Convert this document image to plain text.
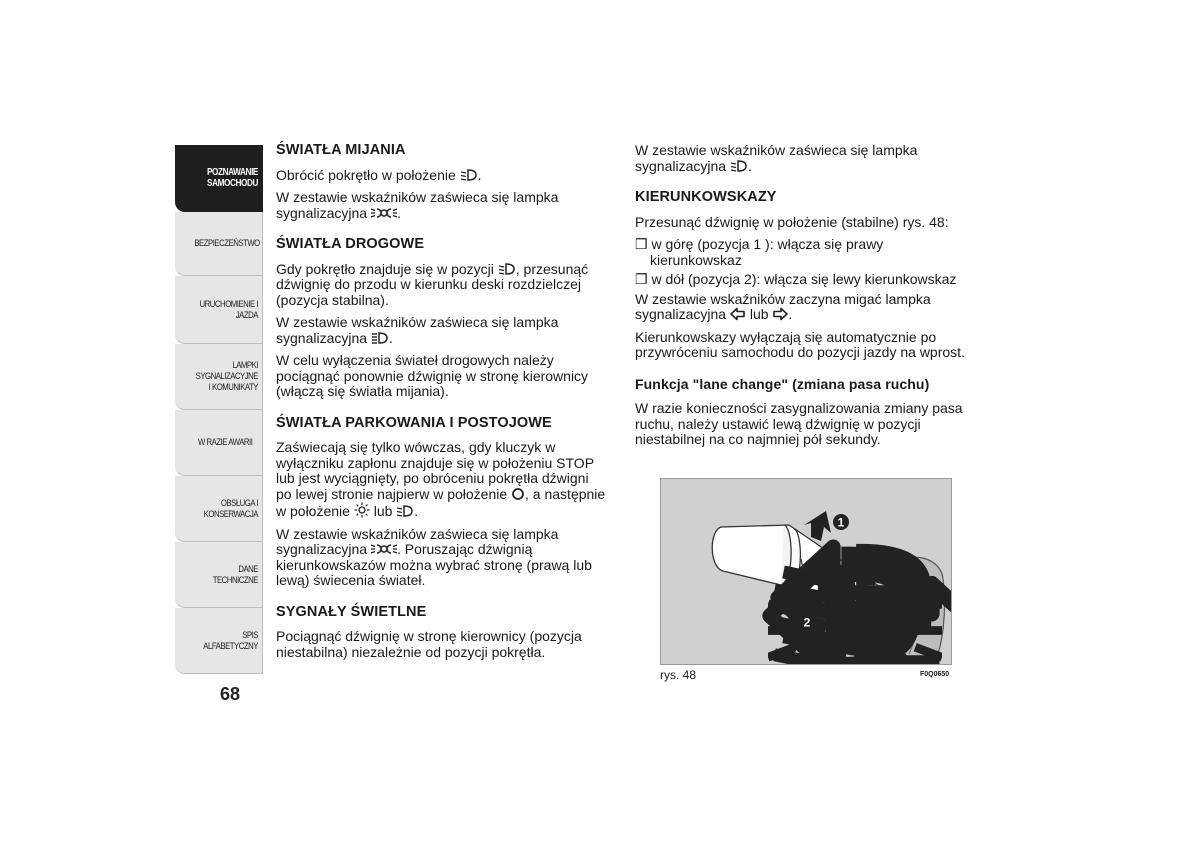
POZNAWANIE SAMOCHODU
BEZPIECZEŃSTWO
URUCHOMIENIE I JAZDA
LAMPKI SYGNALIZACYJNE I KOMUNIKATY
W RAZIE AWARII
OBSŁUGA I KONSERWACJA
DANE TECHNICZNE
SPIS ALFABETYCZNY
68
ŚWIATŁA MIJANIA
Obrócić pokrętło w położenie .
W zestawie wskaźników zaświeca się lampka sygnalizacyjna .
ŚWIATŁA DROGOWE
Gdy pokrętło znajduje się w pozycji , przesunąć dźwignię do przodu w kierunku deski rozdzielczej (pozycja stabilna).
W zestawie wskaźników zaświeca się lampka sygnalizacyjna .
W celu wyłączenia świateł drogowych należy pociągnąć ponownie dźwignię w stronę kierownicy (włączą się światła mijania).
ŚWIATŁA PARKOWANIA I POSTOJOWE
Zaświecają się tylko wówczas, gdy kluczyk w wyłączniku zapłonu znajduje się w położeniu STOP lub jest wyciągnięty, po obróceniu pokrętła dźwigni po lewej stronie najpierw w położenie , a następnie w położenie lub .
W zestawie wskaźników zaświeca się lampka sygnalizacyjna . Poruszając dźwignią kierunkowskazów można wybrać stronę (prawą lub lewą) świecenia świateł.
SYGNAŁY ŚWIETLNE
Pociągnąć dźwignię w stronę kierownicy (pozycja niestabilna) niezależnie od pozycji pokrętła.
W zestawie wskaźników zaświeca się lampka sygnalizacyjna .
KIERUNKOWSKAZY
Przesunąć dźwignię w położenie (stabilne) rys. 48:
❒ w górę (pozycja 1 ): włącza się prawy kierunkowskaz
❒ w dół (pozycja 2): włącza się lewy kierunkowskaz
W zestawie wskaźników zaczyna migać lampka sygnalizacyjna lub .
Kierunkowskazy wyłączają się automatycznie po przywróceniu samochodu do pozycji jazdy na wprost.
Funkcja "lane change" (zmiana pasa ruchu)
W razie konieczności zasygnalizowania zmiany pasa ruchu, należy ustawić lewą dźwignię w pozycji niestabilnej na co najmniej pół sekundy.
1
2
rys. 48	F0Q0650
